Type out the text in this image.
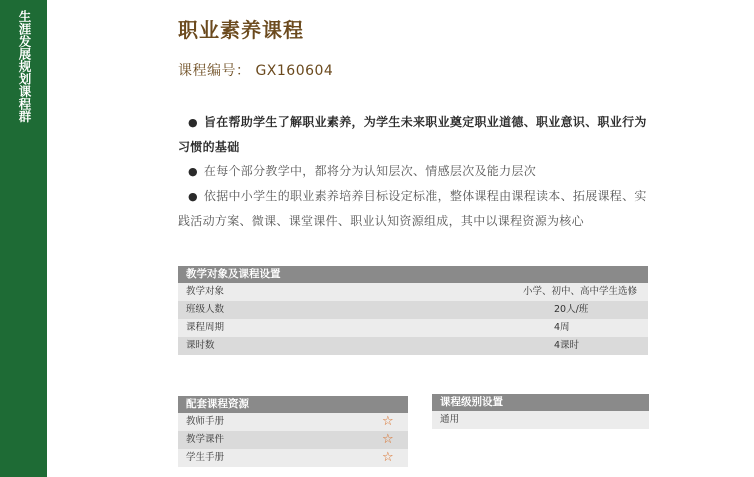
生涯发展规划课程群	职业素养课程
课程编号： GX160604
● 旨在帮助学生了解职业素养，为学生未来职业奠定职业道德、职业意识、职业行为习惯的基础
● 在每个部分教学中，都将分为认知层次、情感层次及能力层次
● 依据中小学生的职业素养培养目标设定标准，整体课程由课程读本、拓展课程、实践活动方案、微课、课堂课件、职业认知资源组成，其中以课程资源为核心
教学对象及课程设置
教学对象	小学、初中、高中学生选修
班级人数	20人/班
课程周期	4周
课时数	4课时
配套课程资源
教师手册	☆
教学课件	☆
学生手册	☆
课程级别设置
通用
